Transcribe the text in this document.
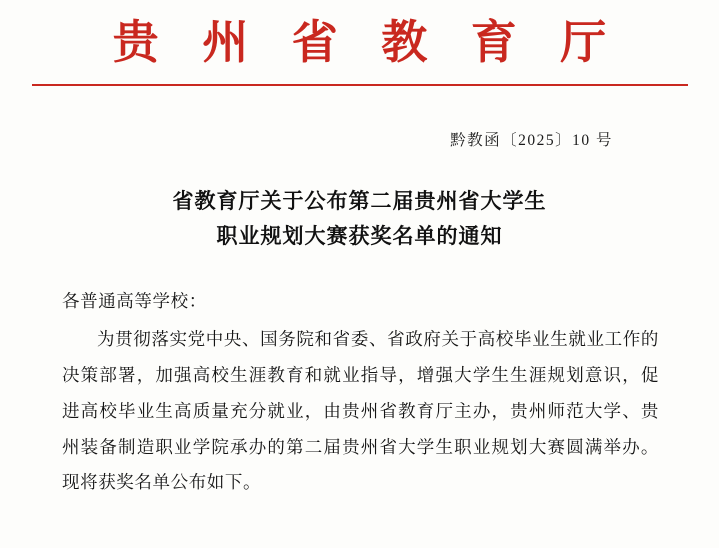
贵 州 省 教 育 厅
黔教函〔2025〕10 号
省教育厅关于公布第二届贵州省大学生
职业规划大赛获奖名单的通知
各普通高等学校：

为贯彻落实党中央、国务院和省委、省政府关于高校毕业生就业工作的决策部署，加强高校生涯教育和就业指导，增强大学生生涯规划意识，促进高校毕业生高质量充分就业，由贵州省教育厅主办，贵州师范大学、贵州装备制造职业学院承办的第二届贵州省大学生职业规划大赛圆满举办。现将获奖名单公布如下。
